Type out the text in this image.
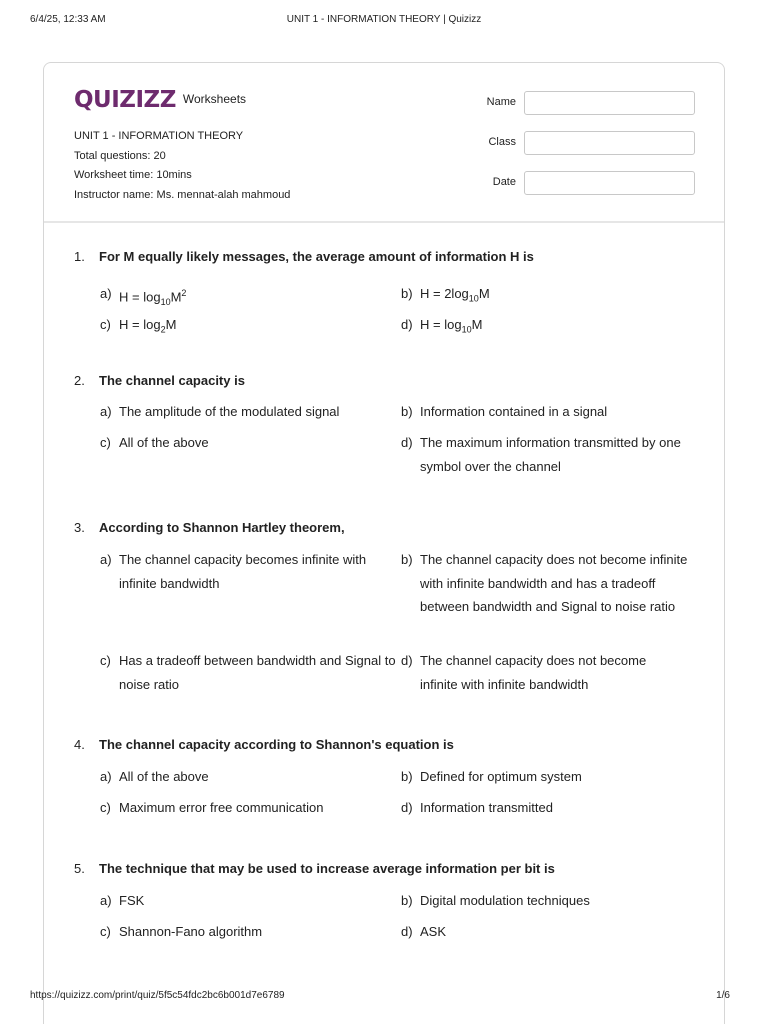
6/4/25, 12:33 AM	UNIT 1 - INFORMATION THEORY | Quizizz
QUIZIZZ Worksheets
UNIT 1 - INFORMATION THEORY
Total questions: 20
Worksheet time: 10mins
Instructor name: Ms. mennat-alah mahmoud
Name
Class
Date
1. For M equally likely messages, the average amount of information H is
a) $H = \log_{10}M^2$	b) $H = 2\log_{10}M$
c) $H = \log_2M$	d) $H = \log_{10}M$
2. The channel capacity is
a) The amplitude of the modulated signal	b) Information contained in a signal
c) All of the above	d) The maximum information transmitted by one symbol over the channel
3. According to Shannon Hartley theorem,
a) The channel capacity becomes infinite with infinite bandwidth
b) The channel capacity does not become infinite with infinite bandwidth and has a tradeoff between bandwidth and Signal to noise ratio
c) Has a tradeoff between bandwidth and Signal to noise ratio
d) The channel capacity does not become infinite with infinite bandwidth
4. The channel capacity according to Shannon's equation is
a) All of the above	b) Defined for optimum system
c) Maximum error free communication	d) Information transmitted
5. The technique that may be used to increase average information per bit is
a) FSK	b) Digital modulation techniques
c) Shannon-Fano algorithm	d) ASK
https://quizizz.com/print/quiz/5f5c54fdc2bc6b001d7e6789	1/6
